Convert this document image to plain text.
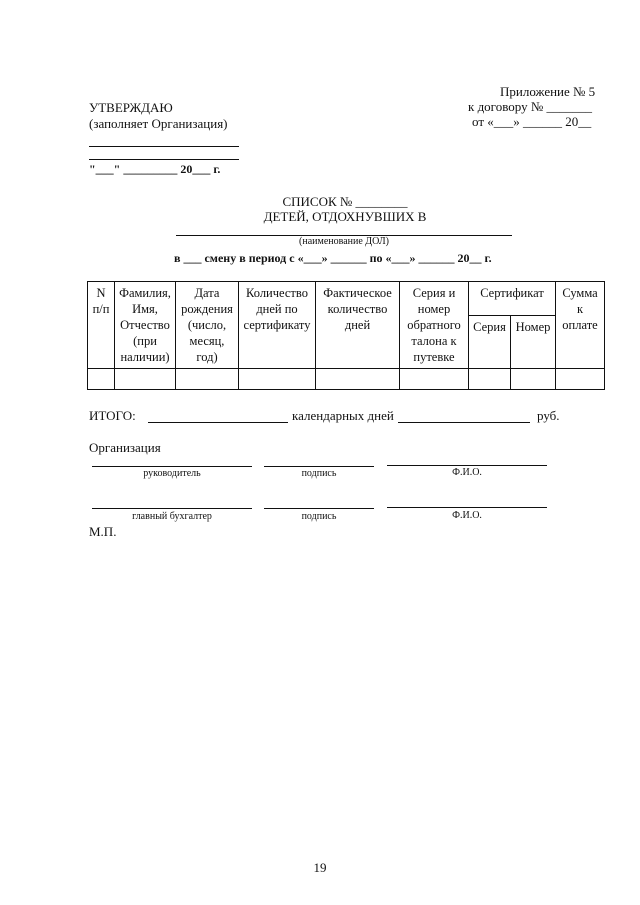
Приложение № 5
к договору № _______
от «___» ______ 20__
УТВЕРЖДАЮ
(заполняет Организация)
"___" _________ 20___ г.
СПИСОК № ________
ДЕТЕЙ, ОТДОХНУВШИХ В
(наименование ДОЛ)
в ___ смену в период с «___» ______ по «___» ______ 20__ г.
N п/п	Фамилия, Имя, Отчество (при наличии)	Дата рождения (число, месяц, год)	Количество дней по сертификату	Фактическое количество дней	Серия и номер обратного талона к путевке	Сертификат		Сумма к оплате
						Серия	Номер	

ИТОГО:	календарных дней	руб.
Организация
руководитель	подпись	Ф.И.О.
главный бухгалтер	подпись	Ф.И.О.
М.П.
19
